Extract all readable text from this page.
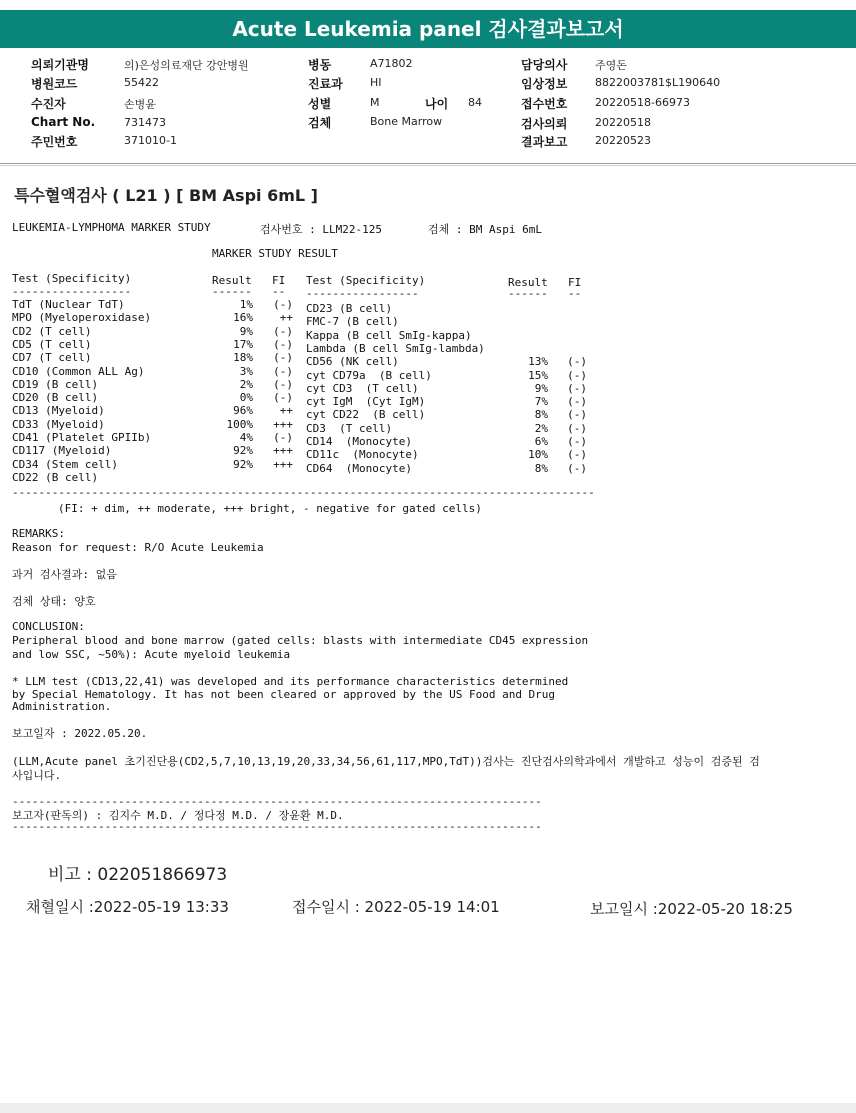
Acute Leukemia panel 검사결과보고서
의뢰기관명	의)은성의료재단 강안병원
병원코드	55422
수진자	손병윤
Chart No.	731473
주민번호	371010-1
병동	A71802
진료과 HI
성별	M	나이 84
검체	Bone Marrow
담당의사	주영돈
임상정보	8822003781$L190640
접수번호	20220518-66973
검사의뢰	20220518
결과보고	20220523
특수혈액검사 ( L21 ) [ BM Aspi 6mL ]
LEUKEMIA-LYMPHOMA MARKER STUDY	검사번호 : LLM22-125	검체 : BM Aspi 6mL
MARKER STUDY RESULT
Test (Specificity)	Result FI Test (Specificity)	Result FI
------------------	------ -- -----------------	------ --
TdT (Nuclear TdT)	1%	(-)
MPO (Myeloperoxidase)	16%	++
CD2 (T cell)	9%	(-)
CD5 (T cell)	17%	(-)
CD7 (T cell)	18%	(-)
CD10 (Common ALL Ag)	3%	(-)
CD19 (B cell)	2%	(-)
CD20 (B cell)	0%	(-)
CD13 (Myeloid)	96%	++
CD33 (Myeloid)	100%	+++
CD41 (Platelet GPIIb)	4%	(-)
CD117 (Myeloid)	92%	+++
CD34 (Stem cell)	92%	+++
CD22 (B cell)
CD23 (B cell)
FMC-7 (B cell)
Kappa (B cell SmIg-kappa)
Lambda (B cell SmIg-lambda)
CD56 (NK cell)	13%	(-)
cyt CD79a  (B cell)	15%	(-)
cyt CD3  (T cell)	9%	(-)
cyt IgM  (Cyt IgM)	7%	(-)
cyt CD22  (B cell)	8%	(-)
CD3  (T cell)	2%	(-)
CD14  (Monocyte)	6%	(-)
CD11c  (Monocyte)	10%	(-)
CD64  (Monocyte)	8%	(-)
----------------------------------------------------------------------------------------
(FI: + dim, ++ moderate, +++ bright, - negative for gated cells)
REMARKS:
Reason for request: R/O Acute Leukemia
과거 검사결과: 없음
검체 상태: 양호
CONCLUSION:
Peripheral blood and bone marrow (gated cells: blasts with intermediate CD45 expression
and low SSC, ~50%): Acute myeloid leukemia
* LLM test (CD13,22,41) was developed and its performance characteristics determined
by Special Hematology. It has not been cleared or approved by the US Food and Drug
Administration.
보고일자 : 2022.05.20.
(LLM,Acute panel 초기진단용(CD2,5,7,10,13,19,20,33,34,56,61,117,MPO,TdT))검사는 진단검사의학과에서 개발하고 성능이 검증된 검
사입니다.
--------------------------------------------------------------------------------
보고자(판독의) : 김지수 M.D. / 정다정 M.D. / 장윤환 M.D.
--------------------------------------------------------------------------------
비고 : 022051866973
채혈일시 :2022-05-19 13:33	접수일시 : 2022-05-19 14:01	보고일시 :2022-05-20 18:25
